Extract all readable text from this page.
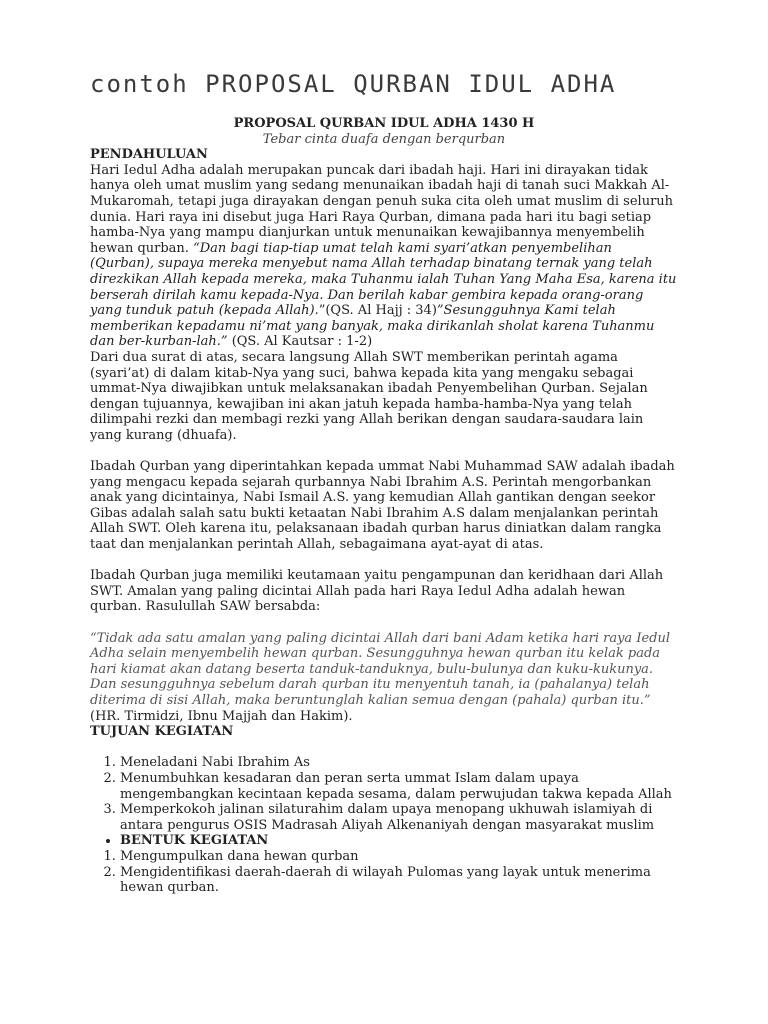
contoh PROPOSAL QURBAN IDUL ADHA

PROPOSAL QURBAN IDUL ADHA 1430 H

Tebar cinta duafa dengan berqurban

PENDAHULUAN

Hari Iedul Adha adalah merupakan puncak dari ibadah haji. Hari ini dirayakan tidak hanya oleh umat muslim yang sedang menunaikan ibadah haji di tanah suci Makkah Al-Mukaromah, tetapi juga dirayakan dengan penuh suka cita oleh umat muslim di seluruh dunia. Hari raya ini disebut juga Hari Raya Qurban, dimana pada hari itu bagi setiap hamba-Nya yang mampu dianjurkan untuk menunaikan kewajibannya menyembelih hewan qurban. “Dan bagi tiap-tiap umat telah kami syari’atkan penyembelihan (Qurban), supaya mereka menyebut nama Allah terhadap binatang ternak yang telah direzkikan Allah kepada mereka, maka Tuhanmu ialah Tuhan Yang Maha Esa, karena itu berserah dirilah kamu kepada-Nya. Dan berilah kabar gembira kepada orang-orang yang tunduk patuh (kepada Allah).”(QS. Al Hajj : 34)”Sesungguhnya Kami telah memberikan kepadamu ni’mat yang banyak, maka dirikanlah sholat karena Tuhanmu dan ber-kurban-lah.” (QS. Al Kautsar : 1-2)

Dari dua surat di atas, secara langsung Allah SWT memberikan perintah agama (syari’at) di dalam kitab-Nya yang suci, bahwa kepada kita yang mengaku sebagai ummat-Nya diwajibkan untuk melaksanakan ibadah Penyembelihan Qurban. Sejalan dengan tujuannya, kewajiban ini akan jatuh kepada hamba-hamba-Nya yang telah dilimpahi rezki dan membagi rezki yang Allah berikan dengan saudara-saudara lain yang kurang (dhuafa).

Ibadah Qurban yang diperintahkan kepada ummat Nabi Muhammad SAW adalah ibadah yang mengacu kepada sejarah qurbannya Nabi Ibrahim A.S. Perintah mengorbankan anak yang dicintainya, Nabi Ismail A.S. yang kemudian Allah gantikan dengan seekor Gibas adalah salah satu bukti ketaatan Nabi Ibrahim A.S dalam menjalankan perintah Allah SWT. Oleh karena itu, pelaksanaan ibadah qurban harus diniatkan dalam rangka taat dan menjalankan perintah Allah, sebagaimana ayat-ayat di atas.

Ibadah Qurban juga memiliki keutamaan yaitu pengampunan dan keridhaan dari Allah SWT. Amalan yang paling dicintai Allah pada hari Raya Iedul Adha adalah hewan qurban. Rasulullah SAW bersabda:

“Tidak ada satu amalan yang paling dicintai Allah dari bani Adam ketika hari raya Iedul Adha selain menyembelih hewan qurban. Sesungguhnya hewan qurban itu kelak pada hari kiamat akan datang beserta tanduk-tanduknya, bulu-bulunya dan kuku-kukunya. Dan sesungguhnya sebelum darah qurban itu menyentuh tanah, ia (pahalanya) telah diterima di sisi Allah, maka beruntunglah kalian semua dengan (pahala) qurban itu.” (HR. Tirmidzi, Ibnu Majjah dan Hakim).

TUJUAN KEGIATAN

1. Meneladani Nabi Ibrahim As
2. Menumbuhkan kesadaran dan peran serta ummat Islam dalam upaya mengembangkan kecintaan kepada sesama, dalam perwujudan takwa kepada Allah
3. Memperkokoh jalinan silaturahim dalam upaya menopang ukhuwah islamiyah di antara pengurus OSIS Madrasah Aliyah Alkenaniyah dengan masyarakat muslim
• BENTUK KEGIATAN
1. Mengumpulkan dana hewan qurban
2. Mengidentifikasi daerah-daerah di wilayah Pulomas yang layak untuk menerima hewan qurban.
